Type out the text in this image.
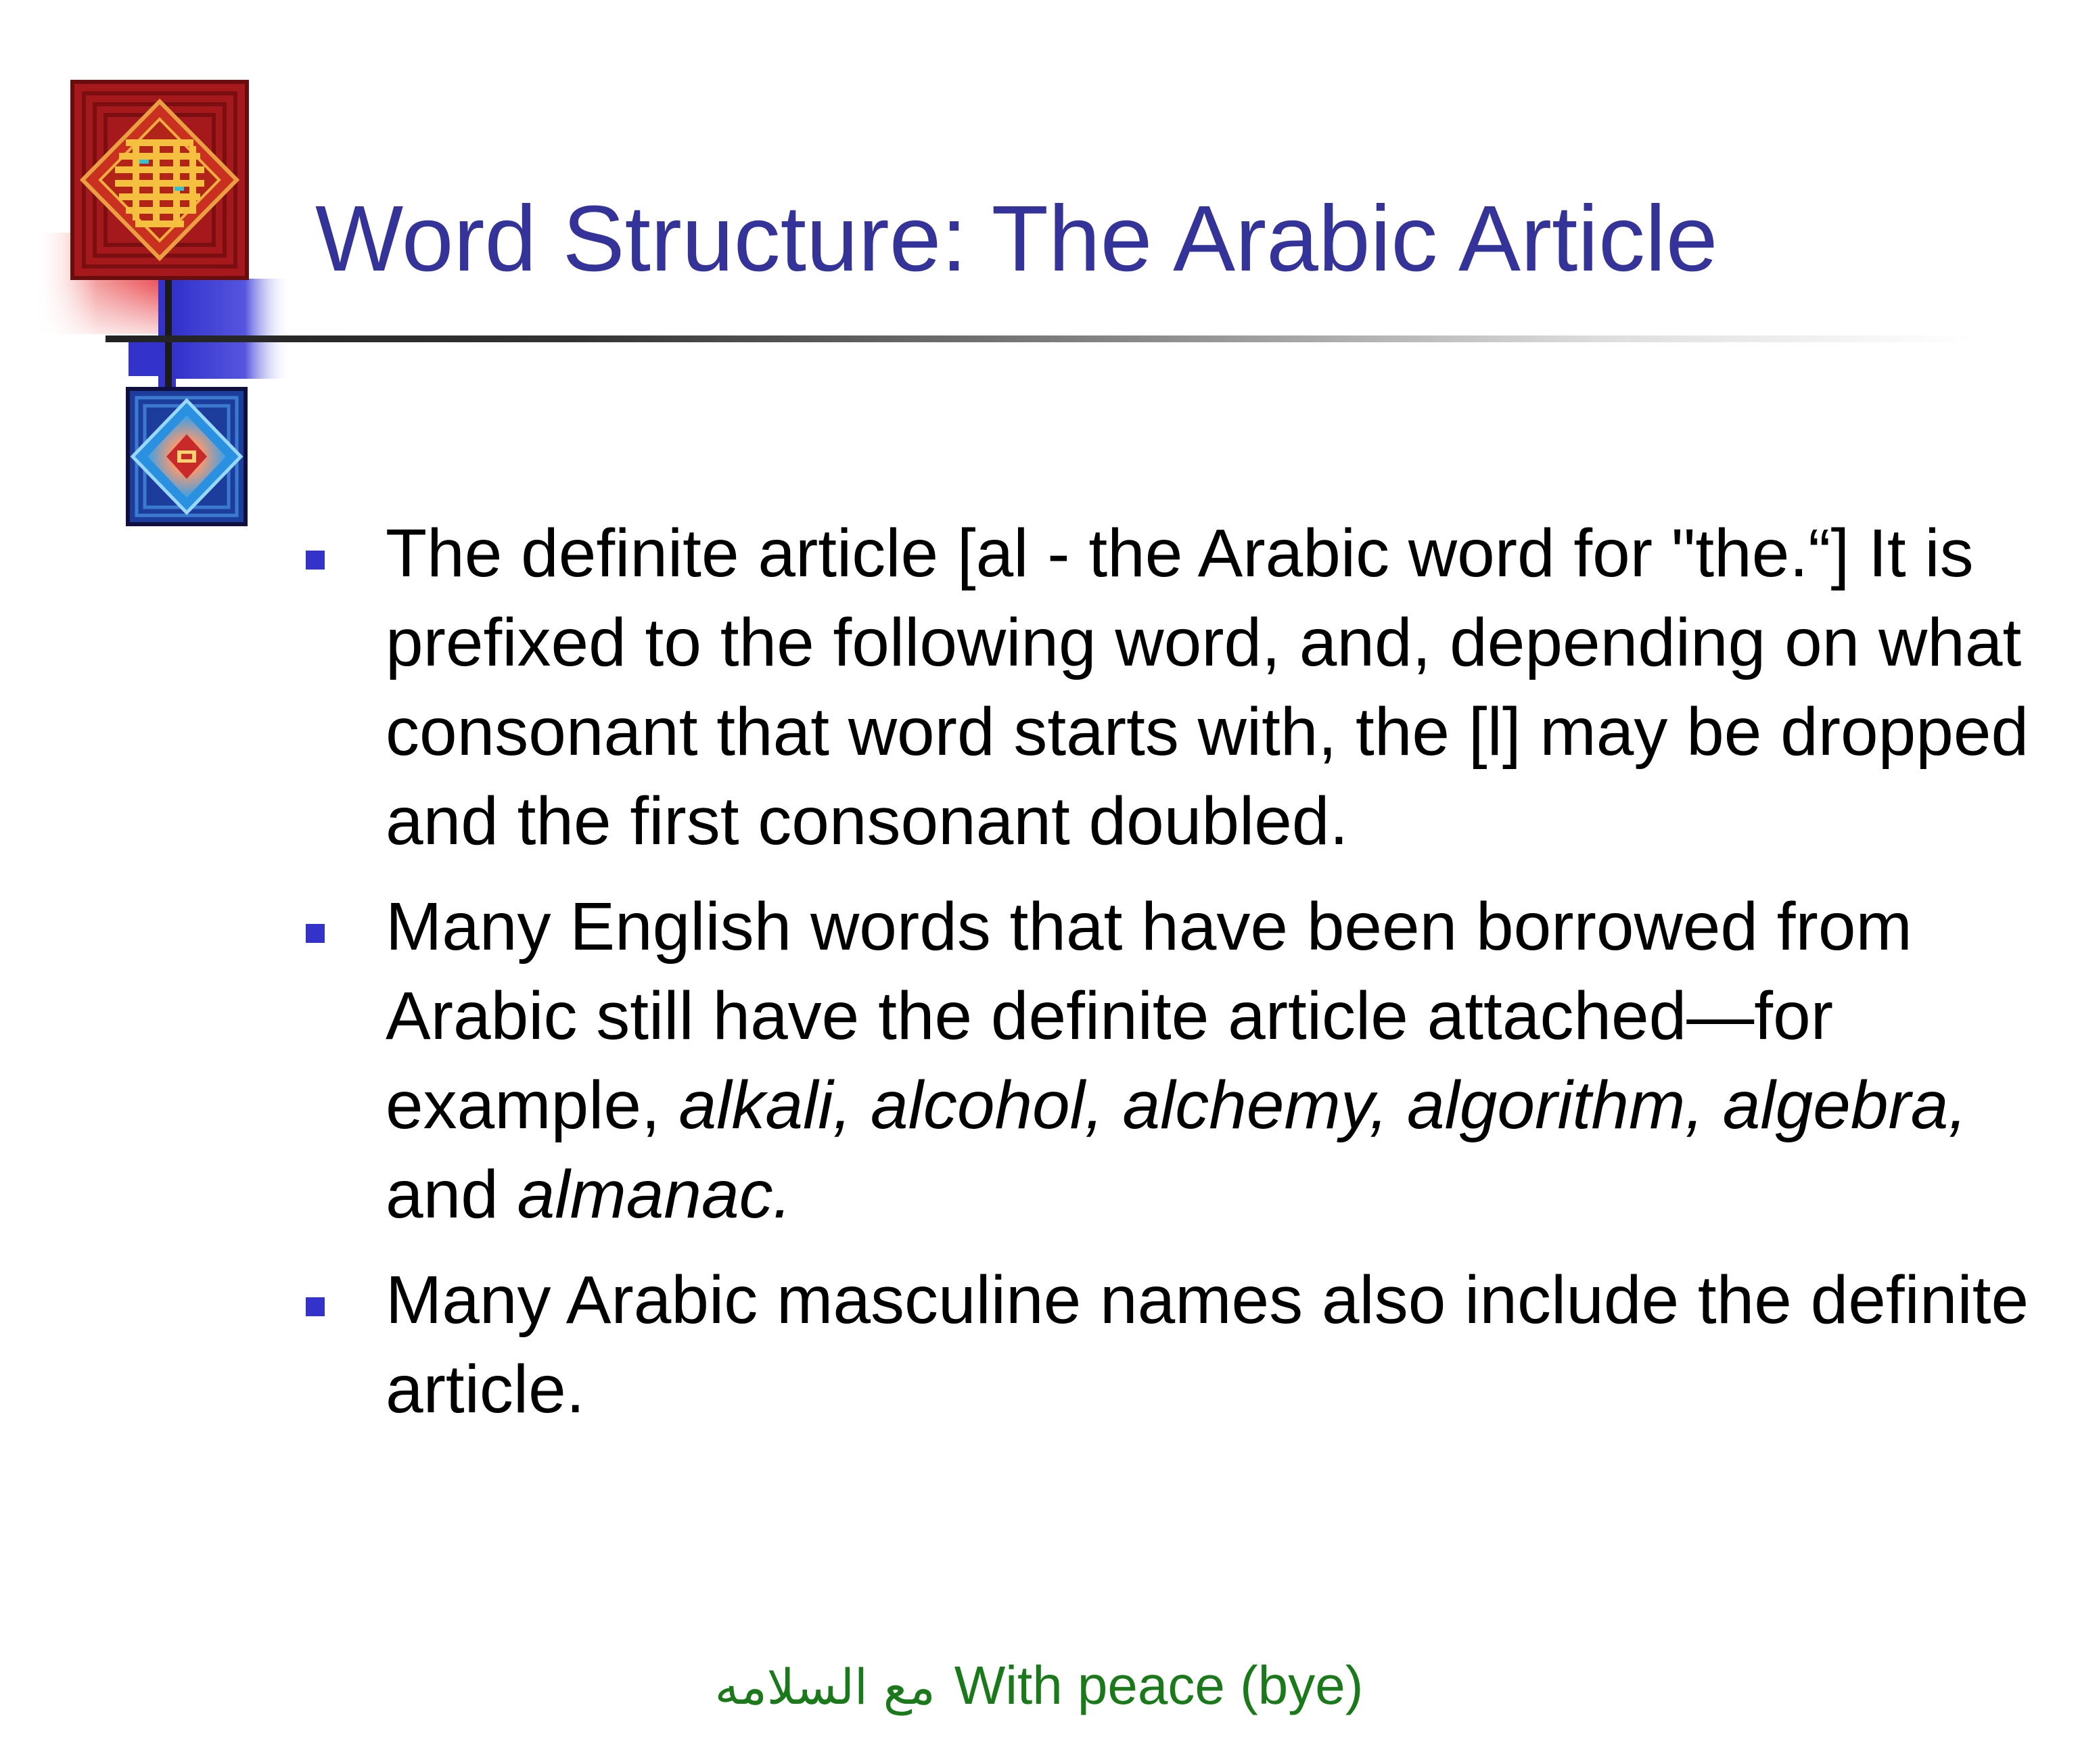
Word Structure: The Arabic Article
The definite article [al - the Arabic word for "the.“] It is prefixed to the following word, and, depending on what consonant that word starts with, the [l] may be dropped and the first consonant doubled.
Many English words that have been borrowed from Arabic still have the definite article attached—for example, alkali, alcohol, alchemy, algorithm, algebra, and almanac.
Many Arabic masculine names also include the definite article.
مع السلامه With peace (bye)
